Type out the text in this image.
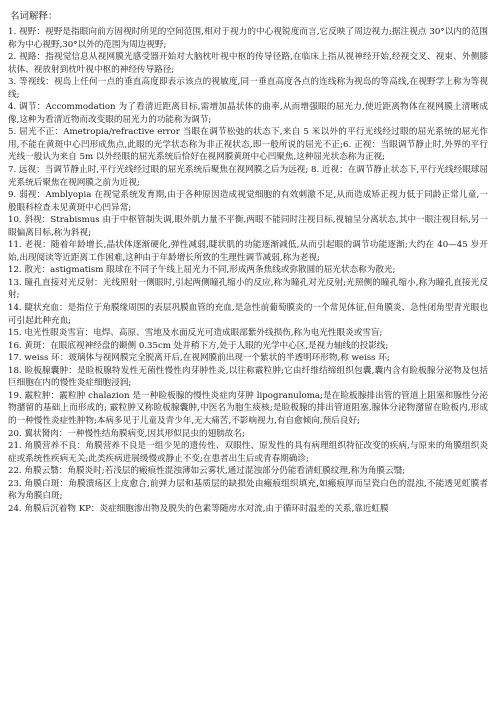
名词解释：

1. 视野：视野是指眼向前方固视时所见的空间范围,相对于视力的中心视锐度而言,它反映了周边视力;据注视点 30°以内的范围称为中心视野,30°以外的范围为周边视野;

2. 视路：指视觉信息从视网膜光感受器开始对大脑枕叶视中枢的传导径路,在临床上指从视神经开始,经视交叉、视束、外侧膝状体、视放射到枕叶视中枢的神经传导路径;

3. 等视线：视岛上任何一点的垂直高度即表示该点的视敏度,同一垂直高度各点的连线称为视岛的等高线,在视野学上称为等视线;

4. 调节：Accommodation 为了看清近距离目标,需增加晶状体的曲率,从而增强眼的屈光力,使近距离物体在视网膜上清晰成像,这种为看清近物而改变眼的屈光力的功能称为调节;

5. 屈光不正：Ametropia/refractive error 当眼在调节松弛的状态下,来自 5 米以外的平行光线经过眼的屈光系统的屈光作用,不能在黄斑中心凹形成焦点,此眼的光学状态称为非正视状态,即一般所说的屈光不正;6. 正视：当眼调节静止时,外界的平行光线一般认为来自 5m 以外经眼的屈光系统后恰好在视网膜黄斑中心凹聚焦,这种屈光状态称为正视;

7. 远视：当调节静止时,平行光线经过眼的屈光系统后聚焦在视网膜之后为远视; 8. 近视：在调节静止状态下,平行光线经眼球屈光系统后聚焦在视网膜之前为近视;

9. 弱视：Amblyopia 在视觉系统发育期,由于各种原因造成视觉细胞的有效刺激不足,从而造成矫正视力低于同龄正常儿童,一般眼科检查未见黄斑中心凹异常;

10. 斜视：Strabismus 由于中枢管制失调,眼外肌力量不平衡,两眼不能同时注视目标,视轴呈分离状态,其中一眼注视目标,另一眼偏离目标,称为斜视;

11. 老视：随着年龄增长,晶状体逐渐硬化,弹性减弱,睫状肌的功能逐渐减低,从而引起眼的调节功能逐渐;大约在 40—45 岁开始,出现阅读等近距离工作困难,这种由于年龄增长所致的生理性调节减弱,称为老视;

12. 散光：astigmatism 眼球在不同子午线上屈光力不同,形成两条焦线或弥散圆的屈光状态称为散光;

13. 瞳孔直接对光反射：光线照射一侧眼时,引起两侧瞳孔缩小的反应,称为瞳孔对光反射;光照侧的瞳孔缩小,称为瞳孔直接光反射;

14. 睫状充血：是指位于角膜缘周围的表层巩膜血管的充血,是急性前葡萄膜炎的一个常见体征,但角膜炎、急性闭角型青光眼也可引起此种充血;

15. 电光性眼炎雪盲：电焊、高原、雪地及水面反光可造成眼部紫外线损伤,称为电光性眼炎或雪盲;

16. 黄斑：在眼底视神经盘的颞侧 0.35cm 处并稍下方,处于人眼的光学中心区,是视力轴线的投影线;

17. weiss 环：玻璃体与视网膜完全脱离开后,在视网膜前出现一个紫状的半透明环形物,称 weiss 环;

18. 睑板腺囊肿：是睑板腺特发性无菌性慢性肉芽肿性炎,以往称霰粒肿;它由纤维结缔组织包囊,囊内含有睑板腺分泌物及包括巨细胞在内的慢性炎症细胞浸润;

19. 霰粒肿：霰粒肿 chalazion 是一种睑板腺的慢性炎症肉芽肿 lipogranuloma;是在睑板腺排出管的管道上阻塞和腺性分泌物潴留的基础上而形成的; 霰粒肿又称睑板腺囊肿,中医名为胞生痰核;是睑板腺的排出管道阻塞,腺体分泌物潴留在睑板内,形成的一种慢性炎症性肿物;本病多见于儿童及青少年,无大痛苦,不影响视力,有自愈倾向,预后良好;

20. 翼状胬肉：一种慢性结角膜病变,因其形似昆虫的翅膀故名;

21. 角膜营养不良：角膜营养不良是一组少见的遗传性、双眼性、原发性的具有病理组织特征改变的疾病,与原来的角膜组织炎症或系统性疾病无关;此类疾病进展缓慢或静止不变;在患者出生后或青春期确诊;

22. 角膜云翳：角膜炎时;若浅层的瘢痕性混浊薄如云雾状,通过混浊部分仍能看清虹膜纹理,称为角膜云翳;

23. 角膜白斑：角膜溃疡区上皮愈合,前弹力层和基质层的缺损处由瘢痕组织填充,如瘢痕厚而呈瓷白色的混浊,不能透见虹膜者称为角膜白斑;

24. 角膜后沉着物 KP：炎症细胞渗出物及脱失的色素等随房水对流,由于循环时温差的关系,靠近虹膜
